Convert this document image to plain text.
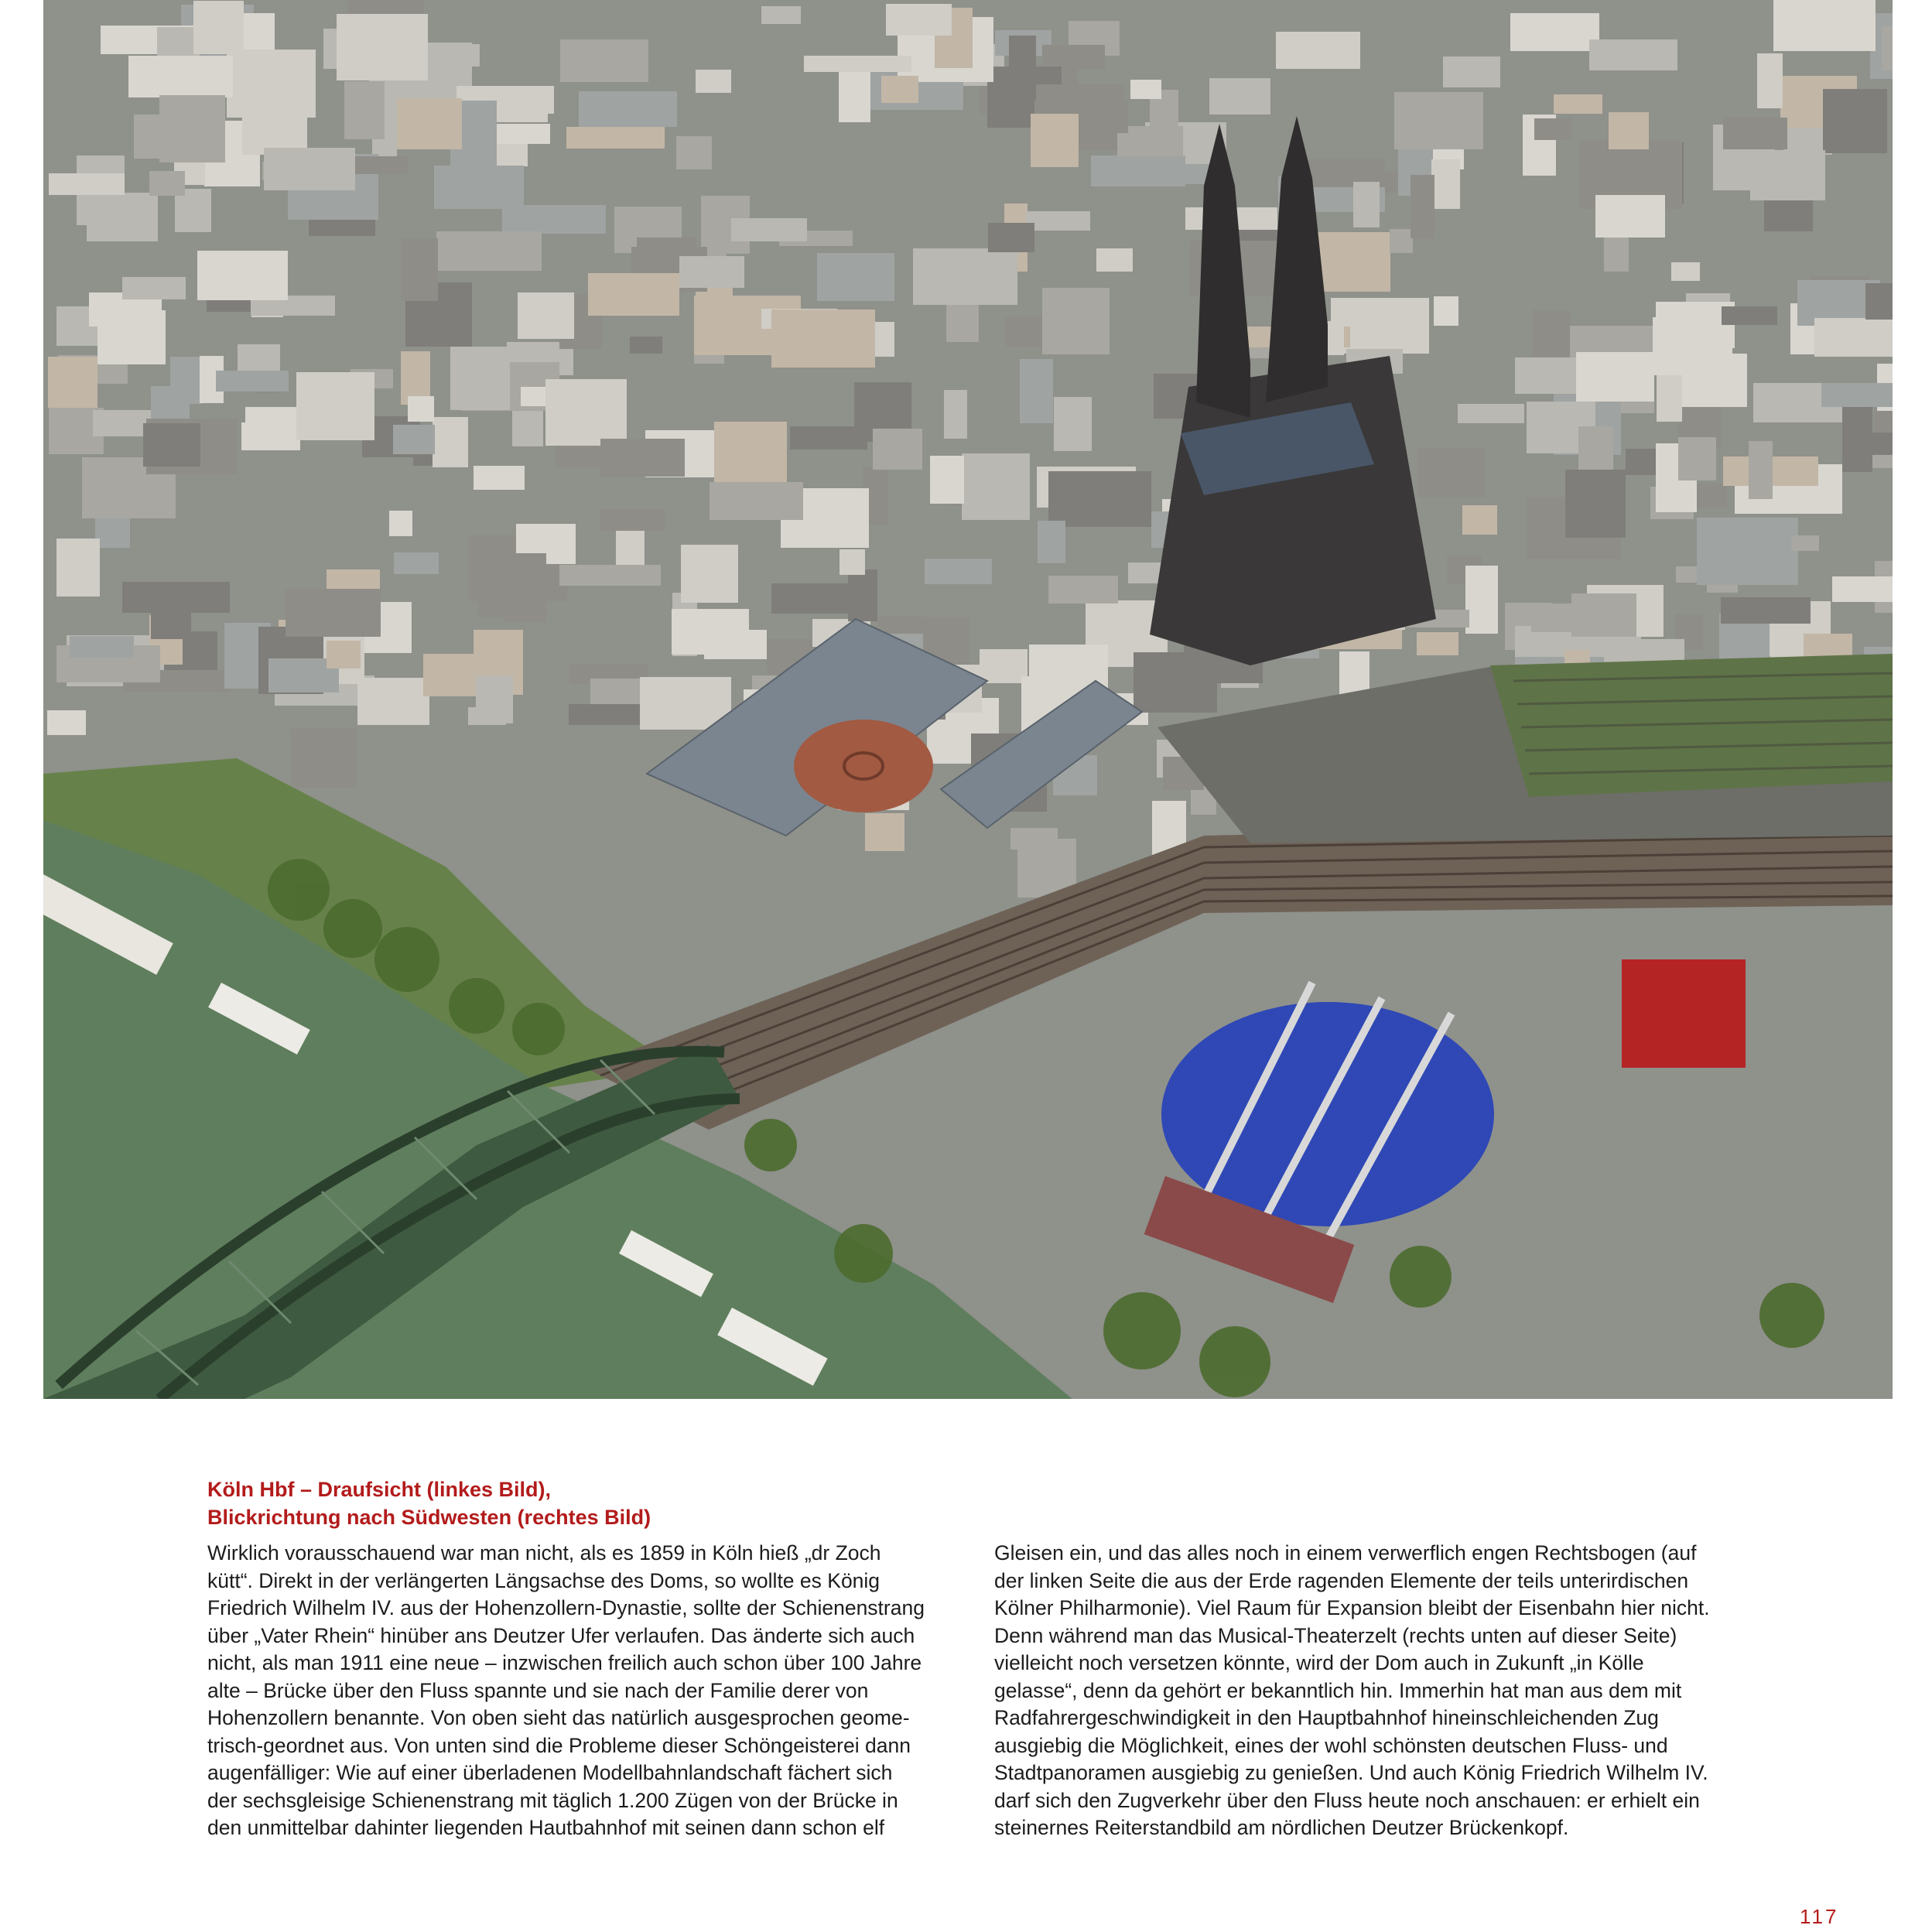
Köln Hbf – Draufsicht (linkes Bild),
Blickrichtung nach Südwesten (rechtes Bild)
Wirklich vorausschauend war man nicht, als es 1859 in Köln hieß „dr Zoch
kütt“. Direkt in der verlängerten Längsachse des Doms, so wollte es König
Friedrich Wilhelm IV. aus der Hohenzollern-Dynastie, sollte der Schienenstrang
über „Vater Rhein“ hinüber ans Deutzer Ufer verlaufen. Das änderte sich auch
nicht, als man 1911 eine neue – inzwischen freilich auch schon über 100 Jahre
alte – Brücke über den Fluss spannte und sie nach der Familie derer von
Hohenzollern benannte. Von oben sieht das natürlich ausgesprochen geome-
trisch-geordnet aus. Von unten sind die Probleme dieser Schöngeisterei dann
augenfälliger: Wie auf einer überladenen Modellbahnlandschaft fächert sich
der sechsgleisige Schienenstrang mit täglich 1.200 Zügen von der Brücke in
den unmittelbar dahinter liegenden Hautbahnhof mit seinen dann schon elf
Gleisen ein, und das alles noch in einem verwerflich engen Rechtsbogen (auf
der linken Seite die aus der Erde ragenden Elemente der teils unterirdischen
Kölner Philharmonie). Viel Raum für Expansion bleibt der Eisenbahn hier nicht.
Denn während man das Musical-Theaterzelt (rechts unten auf dieser Seite)
vielleicht noch versetzen könnte, wird der Dom auch in Zukunft „in Kölle
gelasse“, denn da gehört er bekanntlich hin. Immerhin hat man aus dem mit
Radfahrergeschwindigkeit in den Hauptbahnhof hineinschleichenden Zug
ausgiebig die Möglichkeit, eines der wohl schönsten deutschen Fluss- und
Stadtpanoramen ausgiebig zu genießen. Und auch König Friedrich Wilhelm IV.
darf sich den Zugverkehr über den Fluss heute noch anschauen: er erhielt ein
steinernes Reiterstandbild am nördlichen Deutzer Brückenkopf.
117
